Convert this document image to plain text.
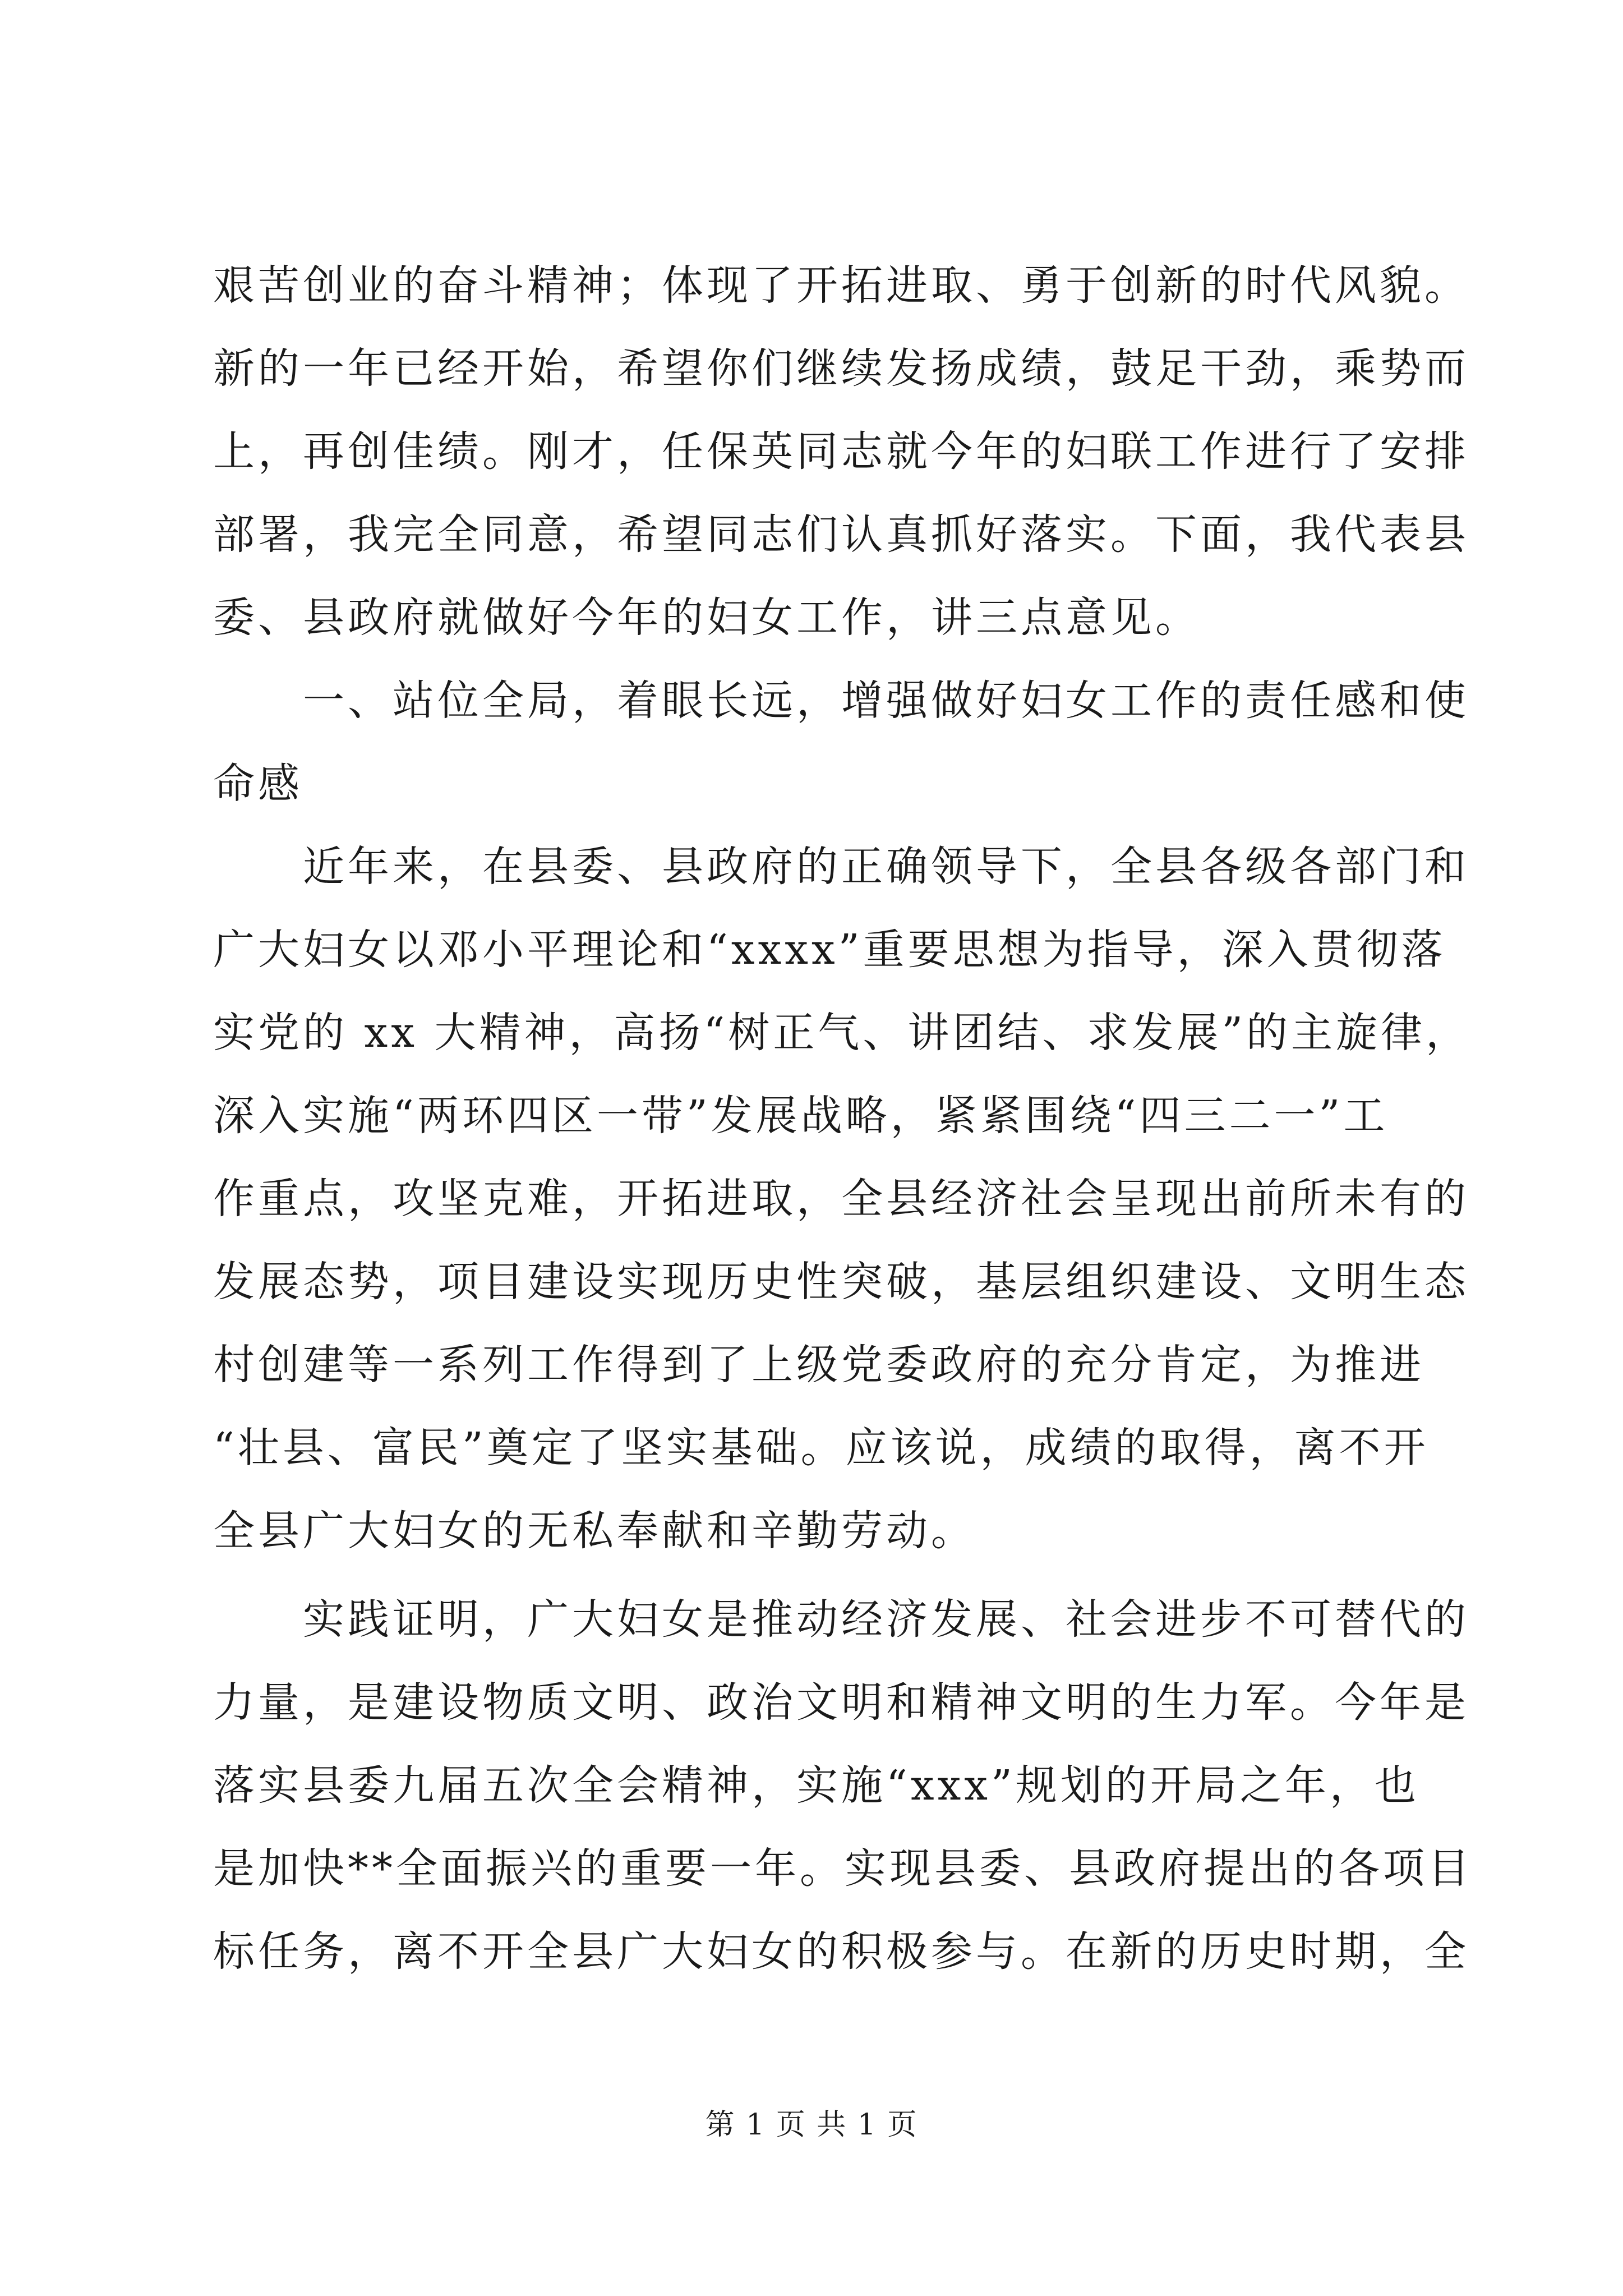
艰苦创业的奋斗精神；体现了开拓进取、勇于创新的时代风貌。
新的一年已经开始，希望你们继续发扬成绩，鼓足干劲，乘势而
上，再创佳绩。刚才，任保英同志就今年的妇联工作进行了安排
部署，我完全同意，希望同志们认真抓好落实。下面，我代表县
委、县政府就做好今年的妇女工作，讲三点意见。
一、站位全局，着眼长远，增强做好妇女工作的责任感和使
命感
近年来，在县委、县政府的正确领导下，全县各级各部门和
广大妇女以邓小平理论和“xxxx”重要思想为指导，深入贯彻落
实党的 xx 大精神，高扬“树正气、讲团结、求发展”的主旋律，
深入实施“两环四区一带”发展战略，紧紧围绕“四三二一”工
作重点，攻坚克难，开拓进取，全县经济社会呈现出前所未有的
发展态势，项目建设实现历史性突破，基层组织建设、文明生态
村创建等一系列工作得到了上级党委政府的充分肯定，为推进
“壮县、富民”奠定了坚实基础。应该说，成绩的取得，离不开
全县广大妇女的无私奉献和辛勤劳动。
实践证明，广大妇女是推动经济发展、社会进步不可替代的
力量，是建设物质文明、政治文明和精神文明的生力军。今年是
落实县委九届五次全会精神，实施“xxx”规划的开局之年，也
是加快**全面振兴的重要一年。实现县委、县政府提出的各项目
标任务，离不开全县广大妇女的积极参与。在新的历史时期，全
第 1 页 共 1 页
